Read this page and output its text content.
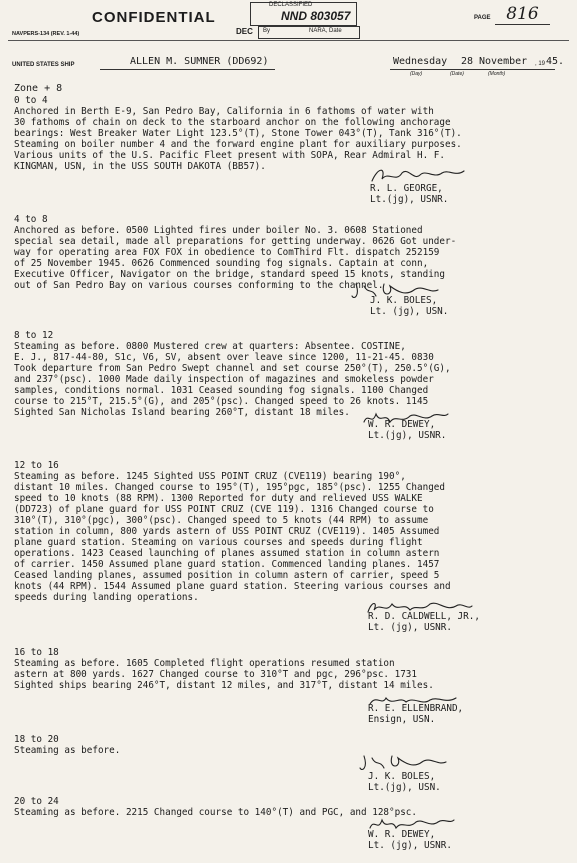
CONFIDENTIAL
NAVPERS-134 (REV. 1-44)
DECLASSIFIED
NND 803057
DEC By	NARA, Date
PAGE 816
UNITED STATES SHIP	ALLEN M. SUMNER (DD692)	Wednesday 28 November , 19 45.
(Day)	(Date)	(Month)
Zone + 8
0 to 4
Anchored in Berth E-9, San Pedro Bay, California in 6 fathoms of water with
30 fathoms of chain on deck to the starboard anchor on the following anchorage
bearings: West Breaker Water Light 123.5°(T), Stone Tower 043°(T), Tank 316°(T).
Steaming on boiler number 4 and the forward engine plant for auxiliary purposes.
Various units of the U.S. Pacific Fleet present with SOPA, Rear Admiral H. F.
KINGMAN, USN, in the USS SOUTH DAKOTA (BB57).
R. L. GEORGE,
Lt.(jg), USNR.
4 to 8
Anchored as before. 0500 Lighted fires under boiler No. 3. 0608 Stationed
special sea detail, made all preparations for getting underway. 0626 Got under-
way for operating area FOX FOX in obedience to ComThird Flt. dispatch 252159
of 25 November 1945. 0626 Commenced sounding fog signals. Captain at conn,
Executive Officer, Navigator on the bridge, standard speed 15 knots, standing
out of San Pedro Bay on various courses conforming to the channel.
J. K. BOLES,
Lt. (jg), USN.
8 to 12
Steaming as before. 0800 Mustered crew at quarters: Absentee. COSTINE,
E. J., 817-44-80, S1c, V6, SV, absent over leave since 1200, 11-21-45. 0830
Took departure from San Pedro Swept channel and set course 250°(T), 250.5°(G),
and 237°(psc). 1000 Made daily inspection of magazines and smokeless powder
samples, conditions normal. 1031 Ceased sounding fog signals. 1100 Changed
course to 215°T, 215.5°(G), and 205°(psc). Changed speed to 26 knots. 1145
Sighted San Nicholas Island bearing 260°T, distant 18 miles.
W. R. DEWEY,
Lt.(jg), USNR.
12 to 16
Steaming as before. 1245 Sighted USS POINT CRUZ (CVE119) bearing 190°,
distant 10 miles. Changed course to 195°(T), 195°pgc, 185°(psc). 1255 Changed
speed to 10 knots (88 RPM). 1300 Reported for duty and relieved USS WALKE
(DD723) of plane guard for USS POINT CRUZ (CVE 119). 1316 Changed course to
310°(T), 310°(pgc), 300°(psc). Changed speed to 5 knots (44 RPM) to assume
station in column, 800 yards astern of USS POINT CRUZ (CVE119). 1405 Assumed
plane guard station. Steaming on various courses and speeds during flight
operations. 1423 Ceased launching of planes assumed station in column astern
of carrier. 1450 Assumed plane guard station. Commenced landing planes. 1457
Ceased landing planes, assumed position in column astern of carrier, speed 5
knots (44 RPM). 1544 Assumed plane guard station. Steering various courses and
speeds during landing operations.
R. D. CALDWELL, JR.,
Lt. (jg), USNR.
16 to 18
Steaming as before. 1605 Completed flight operations resumed station
astern at 800 yards. 1627 Changed course to 310°T and pgc, 296°psc. 1731
Sighted ships bearing 246°T, distant 12 miles, and 317°T, distant 14 miles.
R. E. ELLENBRAND,
Ensign, USN.
18 to 20
Steaming as before.
J. K. BOLES,
Lt.(jg), USN.
20 to 24
Steaming as before. 2215 Changed course to 140°(T) and PGC, and 128°psc.
W. R. DEWEY,
Lt. (jg), USNR.
